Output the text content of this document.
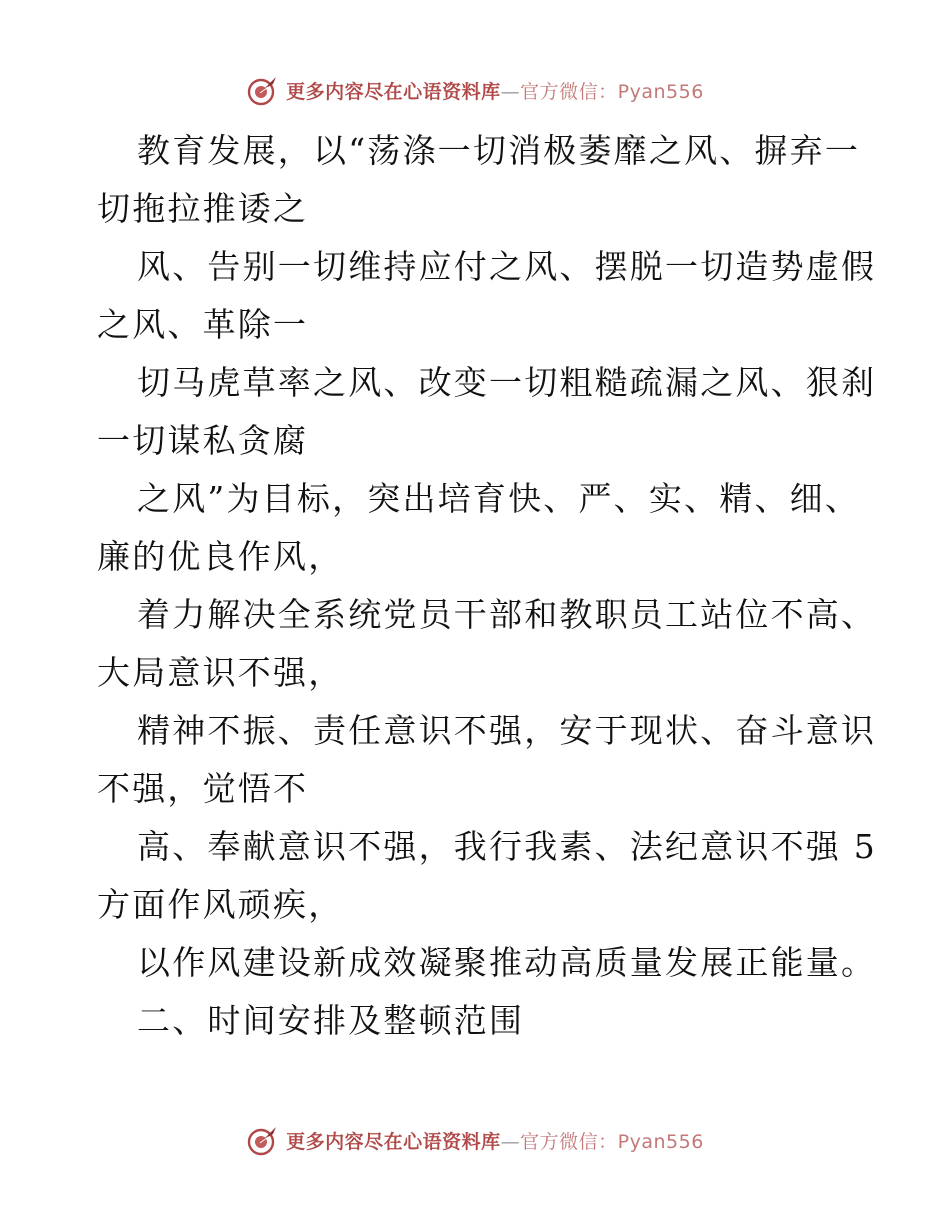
更多内容尽在心语资料库—官方微信：Pyan556
教育发展，以“荡涤一切消极萎靡之风、摒弃一
切拖拉推诿之
风、告别一切维持应付之风、摆脱一切造势虚假
之风、革除一
切马虎草率之风、改变一切粗糙疏漏之风、狠刹
一切谋私贪腐
之风”为目标，突出培育快、严、实、精、细、
廉的优良作风，
着力解决全系统党员干部和教职员工站位不高、
大局意识不强，
精神不振、责任意识不强，安于现状、奋斗意识
不强，觉悟不
高、奉献意识不强，我行我素、法纪意识不强 5
方面作风顽疾，
以作风建设新成效凝聚推动高质量发展正能量。
二、时间安排及整顿范围
更多内容尽在心语资料库—官方微信：Pyan556
